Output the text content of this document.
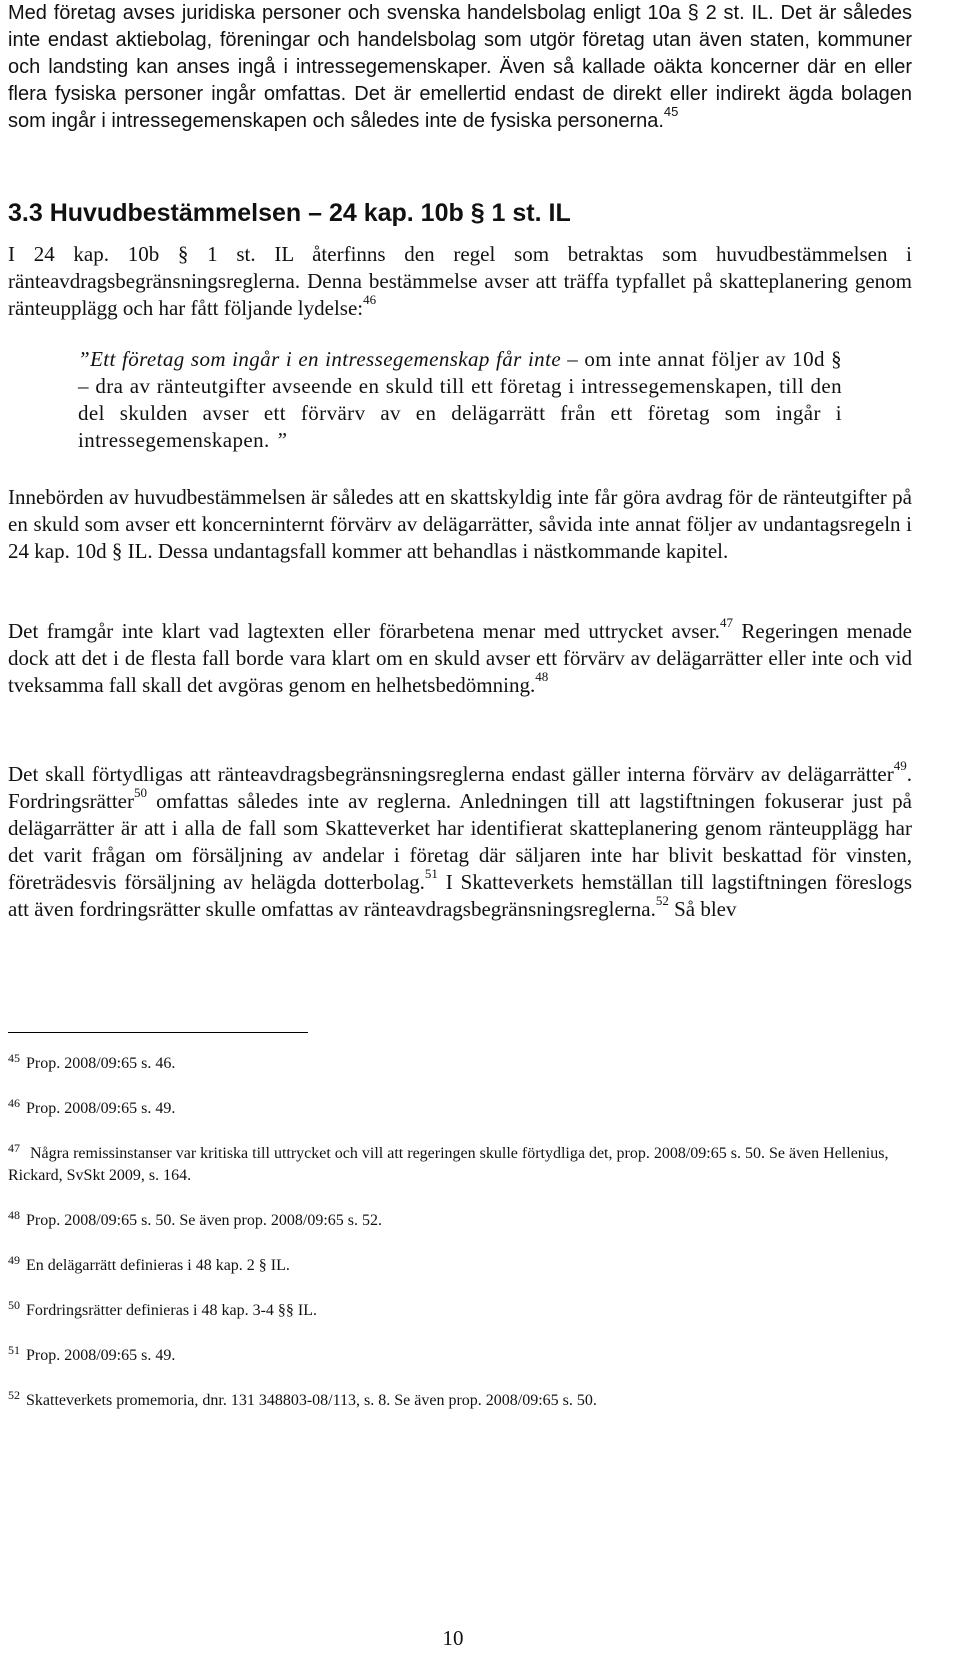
Med företag avses juridiska personer och svenska handelsbolag enligt 10a § 2 st. IL. Det är således inte endast aktiebolag, föreningar och handelsbolag som utgör företag utan även staten, kommuner och landsting kan anses ingå i intressegemenskaper. Även så kallade oäkta koncerner där en eller flera fysiska personer ingår omfattas. Det är emellertid endast de direkt eller indirekt ägda bolagen som ingår i intressegemenskapen och således inte de fysiska personerna.$^{45}$

3.3 Huvudbestämmelsen – 24 kap. 10b § 1 st. IL

I 24 kap. 10b § 1 st. IL återfinns den regel som betraktas som huvudbestämmelsen i ränteavdragsbegränsningsreglerna. Denna bestämmelse avser att träffa typfallet på skatteplanering genom ränteupplägg och har fått följande lydelse:$^{46}$

”Ett företag som ingår i en intressegemenskap får inte – om inte annat följer av 10d § – dra av ränteutgifter avseende en skuld till ett företag i intressegemenskapen, till den del skulden avser ett förvärv av en delägarrätt från ett företag som ingår i intressegemenskapen. ”

Innebörden av huvudbestämmelsen är således att en skattskyldig inte får göra avdrag för de ränteutgifter på en skuld som avser ett koncerninternt förvärv av delägarrätter, såvida inte annat följer av undantagsregeln i 24 kap. 10d § IL. Dessa undantagsfall kommer att behandlas i nästkommande kapitel.

Det framgår inte klart vad lagtexten eller förarbetena menar med uttrycket avser.$^{47}$ Regeringen menade dock att det i de flesta fall borde vara klart om en skuld avser ett förvärv av delägarrätter eller inte och vid tveksamma fall skall det avgöras genom en helhetsbedömning.$^{48}$

Det skall förtydligas att ränteavdragsbegränsningsreglerna endast gäller interna förvärv av delägarrätter$^{49}$. Fordringsrätter$^{50}$ omfattas således inte av reglerna. Anledningen till att lagstiftningen fokuserar just på delägarrätter är att i alla de fall som Skatteverket har identifierat skatteplanering genom ränteupplägg har det varit frågan om försäljning av andelar i företag där säljaren inte har blivit beskattad för vinsten, företrädesvis försäljning av helägda dotterbolag.$^{51}$ I Skatteverkets hemställan till lagstiftningen föreslogs att även fordringsrätter skulle omfattas av ränteavdragsbegränsningsreglerna.$^{52}$ Så blev

$^{45}$ Prop. 2008/09:65 s. 46.

$^{46}$ Prop. 2008/09:65 s. 49.

$^{47}$ Några remissinstanser var kritiska till uttrycket och vill att regeringen skulle förtydliga det, prop. 2008/09:65 s. 50. Se även Hellenius, Rickard, SvSkt 2009, s. 164.

$^{48}$ Prop. 2008/09:65 s. 50. Se även prop. 2008/09:65 s. 52.

$^{49}$ En delägarrätt definieras i 48 kap. 2 § IL.

$^{50}$ Fordringsrätter definieras i 48 kap. 3-4 §§ IL.

$^{51}$ Prop. 2008/09:65 s. 49.

$^{52}$ Skatteverkets promemoria, dnr. 131 348803-08/113, s. 8. Se även prop. 2008/09:65 s. 50.

10
